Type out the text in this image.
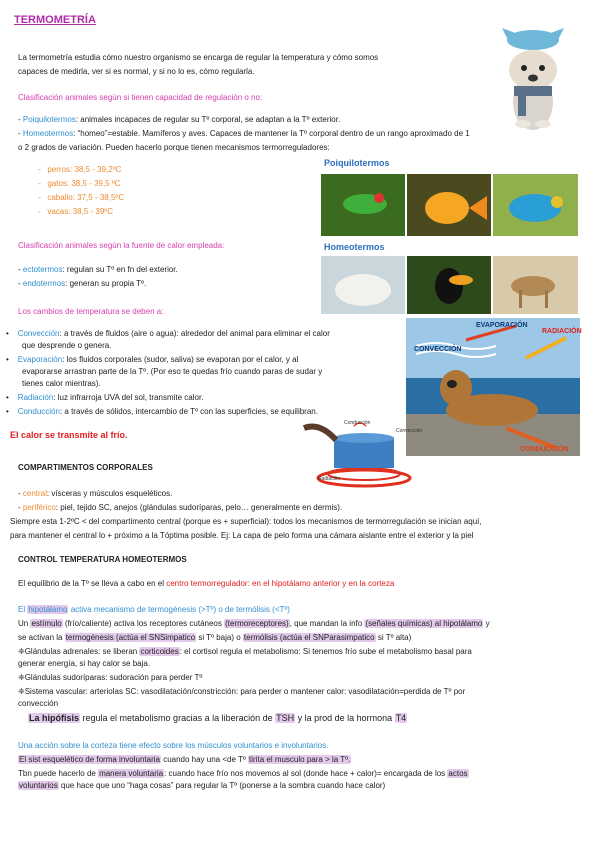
TERMOMETRÍA
La termometría estudia cómo nuestro organismo se encarga de regular la temperatura y cómo somos
capaces de medirla, ver si es normal, y si no lo es, cómo regularla.
Clasificación animales según si tienen capacidad de regulación o no:
- Poiquilotermos: animales incapaces de regular su Tº corporal, se adaptan a la Tº exterior.
- Homeotermos: “homeo”=estable. Mamíferos y aves. Capaces de mantener la Tº corporal dentro de un rango aproximado de 1
o 2 grados de variación. Pueden hacerlo porque tienen mecanismos termorreguladores:
-   perros: 38,5 - 39,2ºC
-   gatos: 38,5 - 39,5 ºC
-   caballo: 37,5 - 38,5ºC
-   vacas: 38,5 - 39ºC
Poiquilotermos
Clasificación animales según la fuente de calor empleada:
- ectotermos: regulan su Tº en fn del exterior.
- endotermos: generan su propia Tº.
Homeotermos
Los cambios de temperatura se deben a:
•    Convección: a través de fluidos (aire o agua): alrededor del animal para eliminar el calor
que desprende o genera.
•    Evaporación: los fluidos corporales (sudor, saliva) se evaporan por el calor, y al
evaporarse arrastran parte de la Tº. (Por eso te quedas frío cuando paras de sudar y
tienes calor mientras).
•    Radiación: luz infrarroja UVA del sol, transmite calor.
•    Conducción: a través de sólidos, intercambio de Tº con las superficies, se equilibran.
EVAPORACIÓN
RADIACIÓN
CONVECCIÓN
CONDUCCIÓN
El calor se transmite al frío.
Conducción
Convección
Radiación
COMPARTIMENTOS CORPORALES
- central: vísceras y músculos esqueléticos.
- periférico: piel, tejido SC, anejos (glándulas sudoríparas, pelo… generalmente en dermis).
Siempre esta 1-2ºC < del compartimento central (porque es + superficial): todos los mecanismos de termorregulación se inician aquí,
para mantener el central lo + próximo a la Tóptima posible. Ej: La capa de pelo forma una cámara aislante entre el exterior y la piel
CONTROL TEMPERATURA HOMEOTERMOS
El equilibrio de la Tº se lleva a cabo en el centro termorregulador: en el hipotálamo anterior y en la corteza
El hipotálamo activa mecanismo de termogénesis (>Tº) o de termólisis (<Tº)
Un estímulo (frío/caliente) activa los receptores cutáneos (termoreceptores), que mandan la info (señales químicas) al hipotálamo y
se activan la termogénesis (actúa el SNSimpatico si Tº baja) o termólisis (actúa el SNParasimpatico si Tº alta)
❈Glándulas adrenales: se liberan corticoides: el cortisol regula el metabolismo: Si tenemos frío sube el metabolismo basal para
generar energía, si hay calor se baja.
❈Glándulas sudoríparas: sudoración para perder Tº
❈Sistema vascular: arteriolas SC: vasodilatación/constricción: para perder o mantener calor: vasodilatación=perdida de Tº por
convección
La hipófisis regula el metabolismo gracias a la liberación de TSH y la prod de la hormona T4
Una acción sobre la corteza tiene efecto sobre los músculos voluntarios e involuntarios.
El sist esquelético de forma involuntaria cuando hay una <de Tº tirita el musculo para > la Tº.
Tbn puede hacerlo de manera voluntaria: cuando hace frío nos movemos al sol (donde hace + calor)= encargada de los actos
voluntarios que hace que uno “haga cosas” para regular la Tº (ponerse a la sombra cuando hace calor)
